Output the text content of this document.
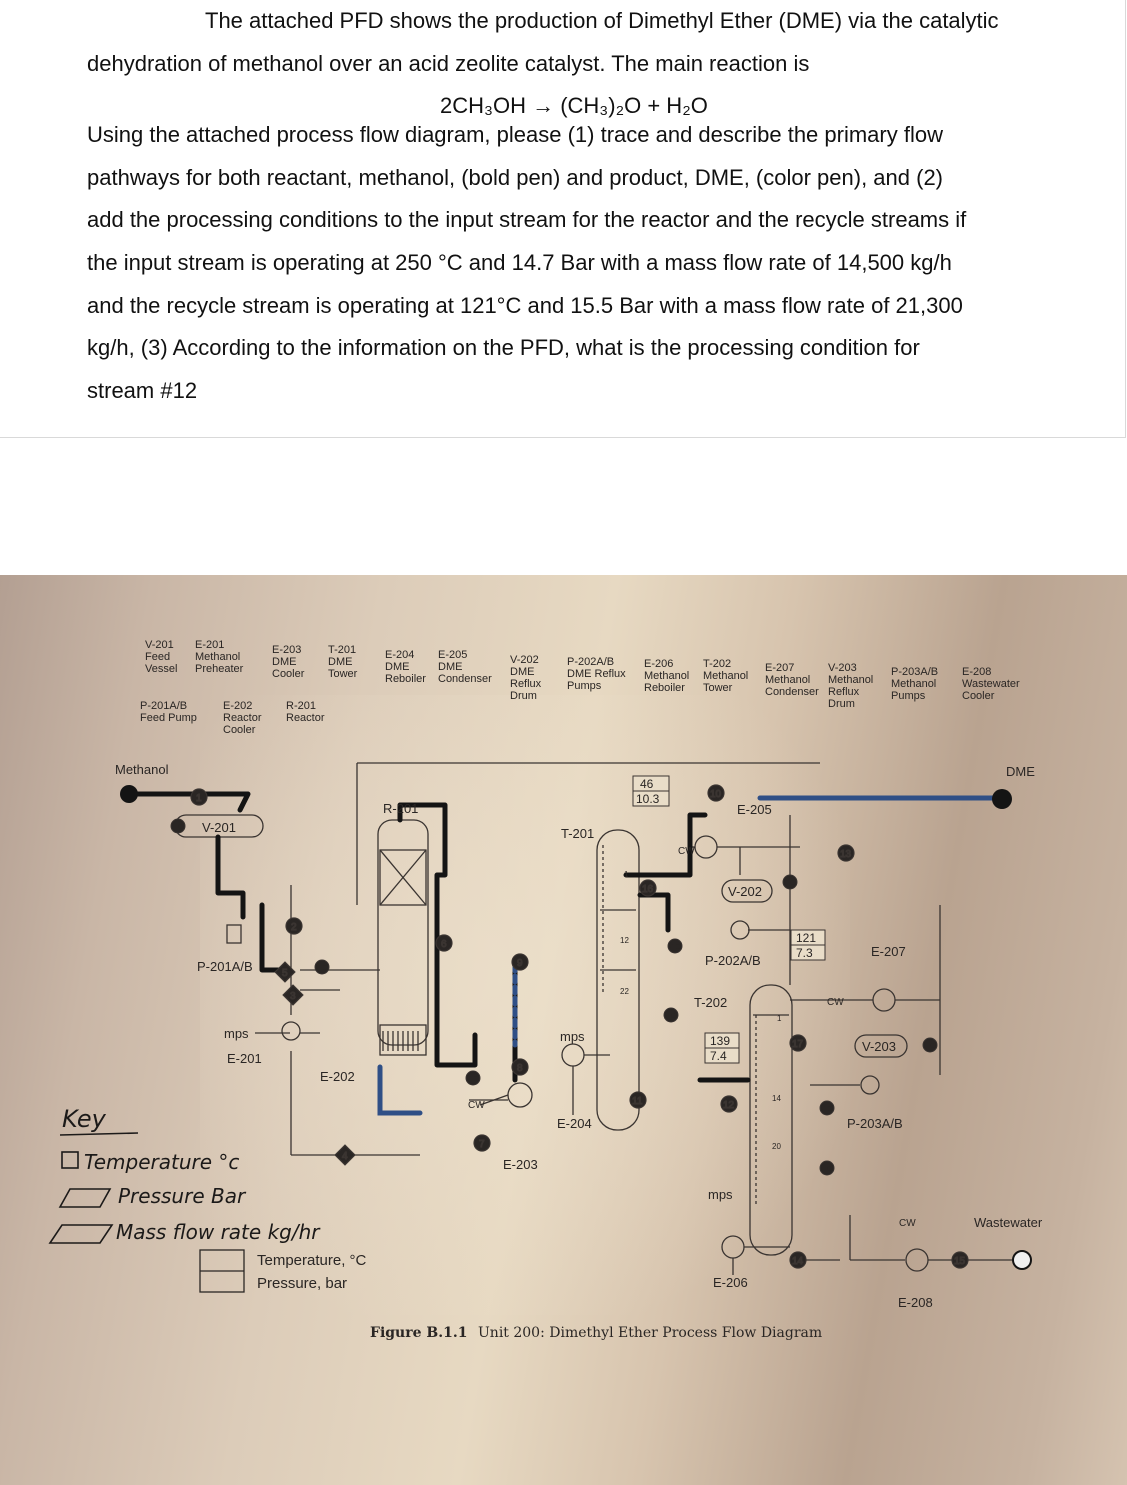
The attached PFD shows the production of Dimethyl Ether (DME) via the catalytic
dehydration of methanol over an acid zeolite catalyst. The main reaction is
2CH₃OH → (CH₃)₂O + H₂O
Using the attached process flow diagram, please (1) trace and describe the primary flow
pathways for both reactant, methanol, (bold pen) and product, DME, (color pen), and (2)
add the processing conditions to the input stream for the reactor and the recycle streams if
the input stream is operating at 250 °C and 14.7 Bar with a mass flow rate of 14,500 kg/h
and the recycle stream is operating at 121°C and 15.5 Bar with a mass flow rate of 21,300
kg/h, (3) According to the information on the PFD, what is the processing condition for
stream #12
V-201
Feed
Vessel
E-201
Methanol
Preheater
E-203
DME
Cooler
T-201
DME
Tower
E-204
DME
Reboiler
E-205
DME
Condenser
V-202
DME
Reflux
Drum
P-202A/B
DME Reflux
Pumps
E-206
Methanol
Reboiler
T-202
Methanol
Tower
E-207
Methanol
Condenser
V-203
Methanol
Reflux
Drum
P-203A/B
Methanol
Pumps
E-208
Wastewater
Cooler
P-201A/B
Feed Pump
E-202
Reactor
Cooler
R-201
Reactor
1
2
3
4
5
6
7
8
9
10
11	12
13
14	15
16
17
1
12
22
1
14
20
46
10.3
121
7.3
139
7.4
LIC
FIC
FIC
FIC
LIC
LIC
LIC
LIC
FIC
Methanol	DME
Wastewater
V-201
P-201A/B
mps
E-201
E-202
R-201
T-201
mps
E-204
E-203
CW
CW
E-205
V-202
P-202A/B
T-202
mps
E-206
CW
E-207
V-203
P-203A/B
CW
E-208
Key
Temperature °c
Pressure Bar
Mass flow rate kg/hr
Temperature, °C
Pressure, bar
Figure B.1.1 Unit 200: Dimethyl Ether Process Flow Diagram
